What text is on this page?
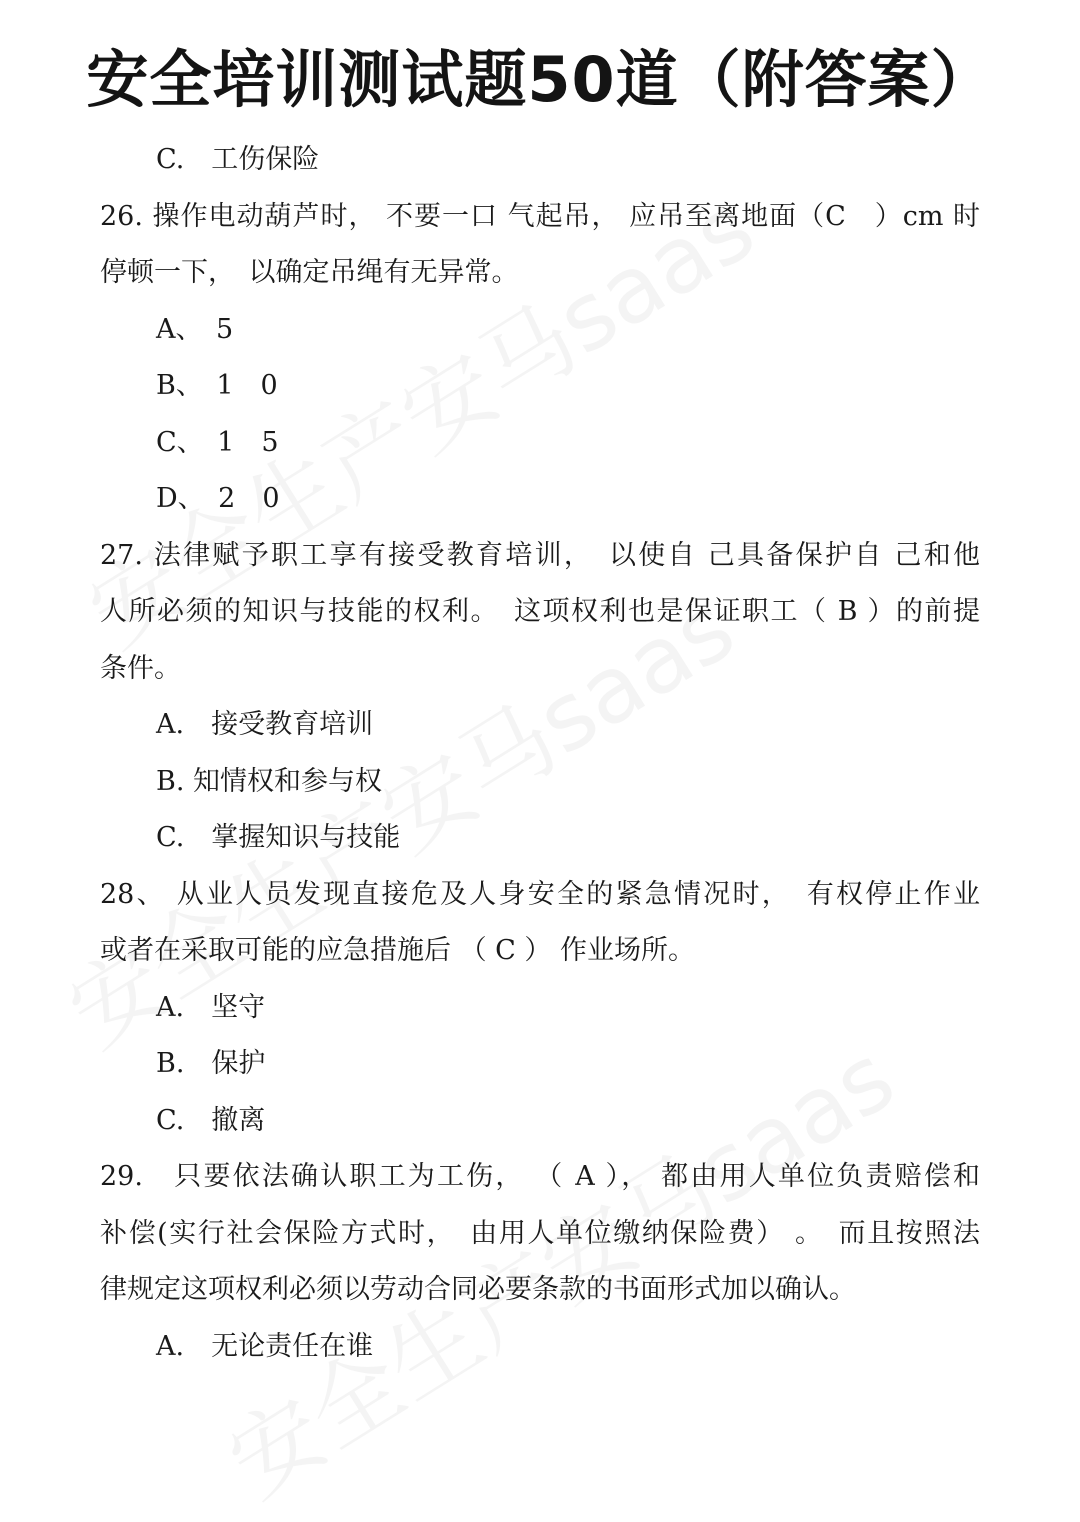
安全培训测试题50道（附答案）
C.　工伤保险
26. 操作电动葫芦时， 不要一口 气起吊， 应吊至离地面（C　）cm 时
停顿一下，　以确定吊绳有无异常。
A、　5
B、　1　0
C、　1　5
D、　2　0
27. 法律赋予职工享有接受教育培训，　以使自 己具备保护自 己和他
人所必须的知识与技能的权利。　这项权利也是保证职工（ B ）的前提
条件。
A.　接受教育培训
B. 知情权和参与权
C.　掌握知识与技能
28、 从业人员发现直接危及人身安全的紧急情况时，　有权停止作业
或者在采取可能的应急措施后 （ C ） 作业场所。
A.　坚守
B.　保护
C.　撤离
29.　只要依法确认职工为工伤， （ A ）， 都由用人单位负责赔偿和
补偿(实行社会保险方式时，　由用人单位缴纳保险费） 。　而且按照法
律规定这项权利必须以劳动合同必要条款的书面形式加以确认。
A.　无论责任在谁
